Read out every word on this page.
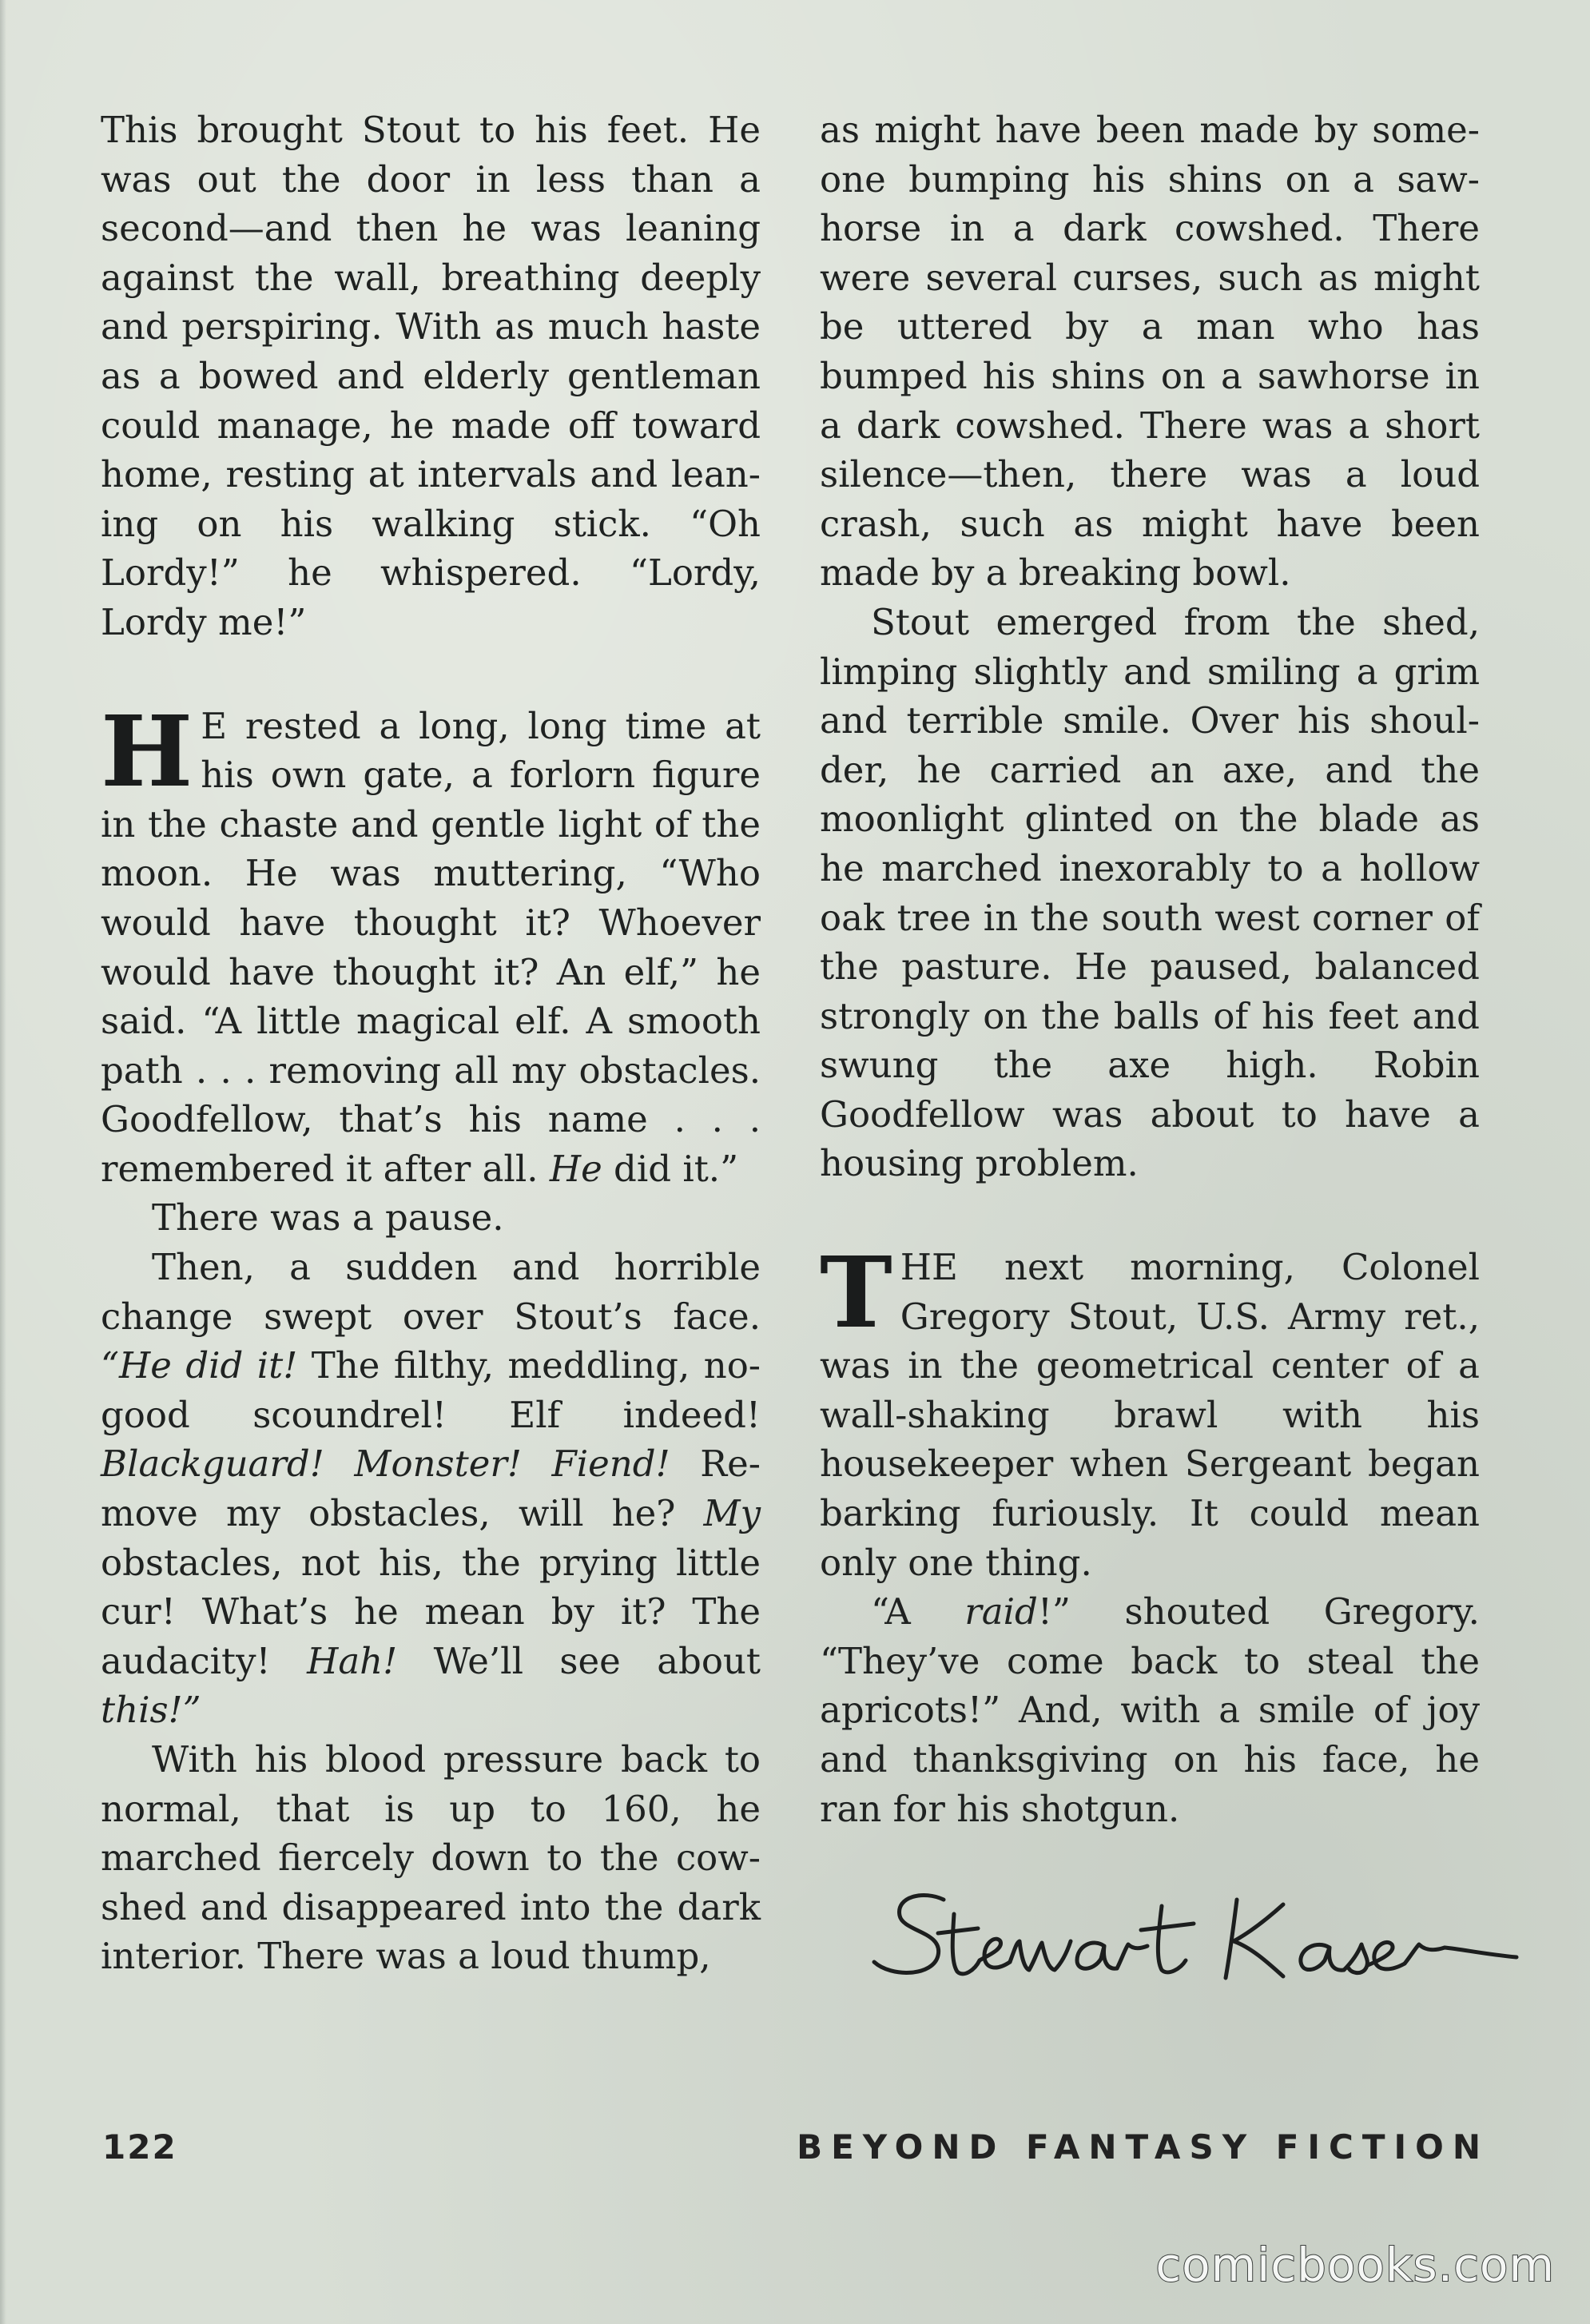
This brought Stout to his feet. He was out the door in less than a second—and then he was leaning against the wall, breathing deeply and perspiring. With as much haste as a bowed and elderly gentleman could manage, he made off toward home, resting at intervals and leaning on his walking stick. “Oh Lordy!” he whispered. “Lordy, Lordy me!”

H E rested a long, long time at his own gate, a forlorn figure in the chaste and gentle light of the moon. He was muttering, “Who would have thought it? Whoever would have thought it? An elf,” he said. “A little magical elf. A smooth path . . . removing all my obstacles. Goodfellow, that’s his name . . . remembered it after all. He did it.”

There was a pause.

Then, a sudden and horrible change swept over Stout’s face. “He did it! The filthy, meddling, no-good scoundrel! Elf indeed! Blackguard! Monster! Fiend! Remove my obstacles, will he? My obstacles, not his, the prying little cur! What’s he mean by it? The audacity! Hah! We’ll see about this!”

With his blood pressure back to normal, that is up to 160, he marched fiercely down to the cowshed and disappeared into the dark interior. There was a loud thump,

as might have been made by someone bumping his shins on a sawhorse in a dark cowshed. There were several curses, such as might be uttered by a man who has bumped his shins on a sawhorse in a dark cowshed. There was a short silence—then, there was a loud crash, such as might have been made by a breaking bowl.

Stout emerged from the shed, limping slightly and smiling a grim and terrible smile. Over his shoulder, he carried an axe, and the moonlight glinted on the blade as he marched inexorably to a hollow oak tree in the south west corner of the pasture. He paused, balanced strongly on the balls of his feet and swung the axe high. Robin Goodfellow was about to have a housing problem.

THE next morning, Colonel Gregory Stout, U.S. Army ret., was in the geometrical center of a wall-shaking brawl with his housekeeper when Sergeant began barking furiously. It could mean only one thing.

“A raid!” shouted Gregory. “They’ve come back to steal the apricots!” And, with a smile of joy and thanksgiving on his face, he ran for his shotgun.

122	BEYOND FANTASY FICTION
comicbooks.com
